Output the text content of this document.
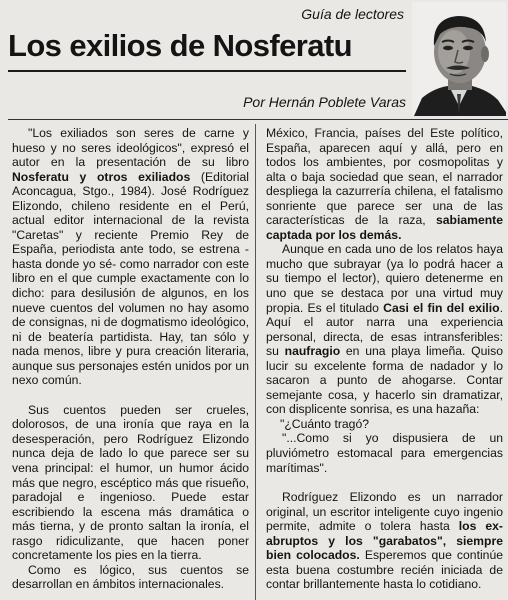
Guía de lectores
Los exilios de Nosferatu
Por Hernán Poblete Varas

"Los exiliados son seres de carne y hueso y no seres ideológicos", expresó el autor en la presentación de su libro Nosferatu y otros exiliados (Editorial Aconcagua, Stgo., 1984). José Rodríguez Elizondo, chileno residente en el Perú, actual editor internacional de la revista "Caretas" y reciente Premio Rey de España, periodista ante todo, se estrena -hasta donde yo sé- como narrador con este libro en el que cumple exactamente con lo dicho: para desilusión de algunos, en los nueve cuentos del volumen no hay asomo de consignas, ni de dogmatismo ideológico, ni de beatería partidista. Hay, tan sólo y nada menos, libre y pura creación literaria, aunque sus personajes estén unidos por un nexo común.

Sus cuentos pueden ser crueles, dolorosos, de una ironía que raya en la desesperación, pero Rodríguez Elizondo nunca deja de lado lo que parece ser su vena principal: el humor, un humor ácido más que negro, escéptico más que risueño, paradojal e ingenioso. Puede estar escribiendo la escena más dramática o más tierna, y de pronto saltan la ironía, el rasgo ridiculizante, que hacen poner concretamente los pies en la tierra.

Como es lógico, sus cuentos se desarrollan en ámbitos internacionales.

México, Francia, países del Este político, España, aparecen aquí y allá, pero en todos los ambientes, por cosmopolitas y alta o baja sociedad que sean, el narrador despliega la cazurrería chilena, el fatalismo sonriente que parece ser una de las características de la raza, sabiamente captada por los demás.

Aunque en cada uno de los relatos haya mucho que subrayar (ya lo podrá hacer a su tiempo el lector), quiero detenerme en uno que se destaca por una virtud muy propia. Es el titulado Casi el fin del exilio. Aquí el autor narra una experiencia personal, directa, de esas intransferibles: su naufragio en una playa limeña. Quiso lucir su excelente forma de nadador y lo sacaron a punto de ahogarse. Contar semejante cosa, y hacerlo sin dramatizar, con displicente sonrisa, es una hazaña:

"¿Cuánto tragó?

"...Como si yo dispusiera de un pluviómetro estomacal para emergencias marítimas".

Rodríguez Elizondo es un narrador original, un escritor inteligente cuyo ingenio permite, admite o tolera hasta los ex-abruptos y los "garabatos", siempre bien colocados. Esperemos que continúe esta buena costumbre recién iniciada de contar brillantemente hasta lo cotidiano.
